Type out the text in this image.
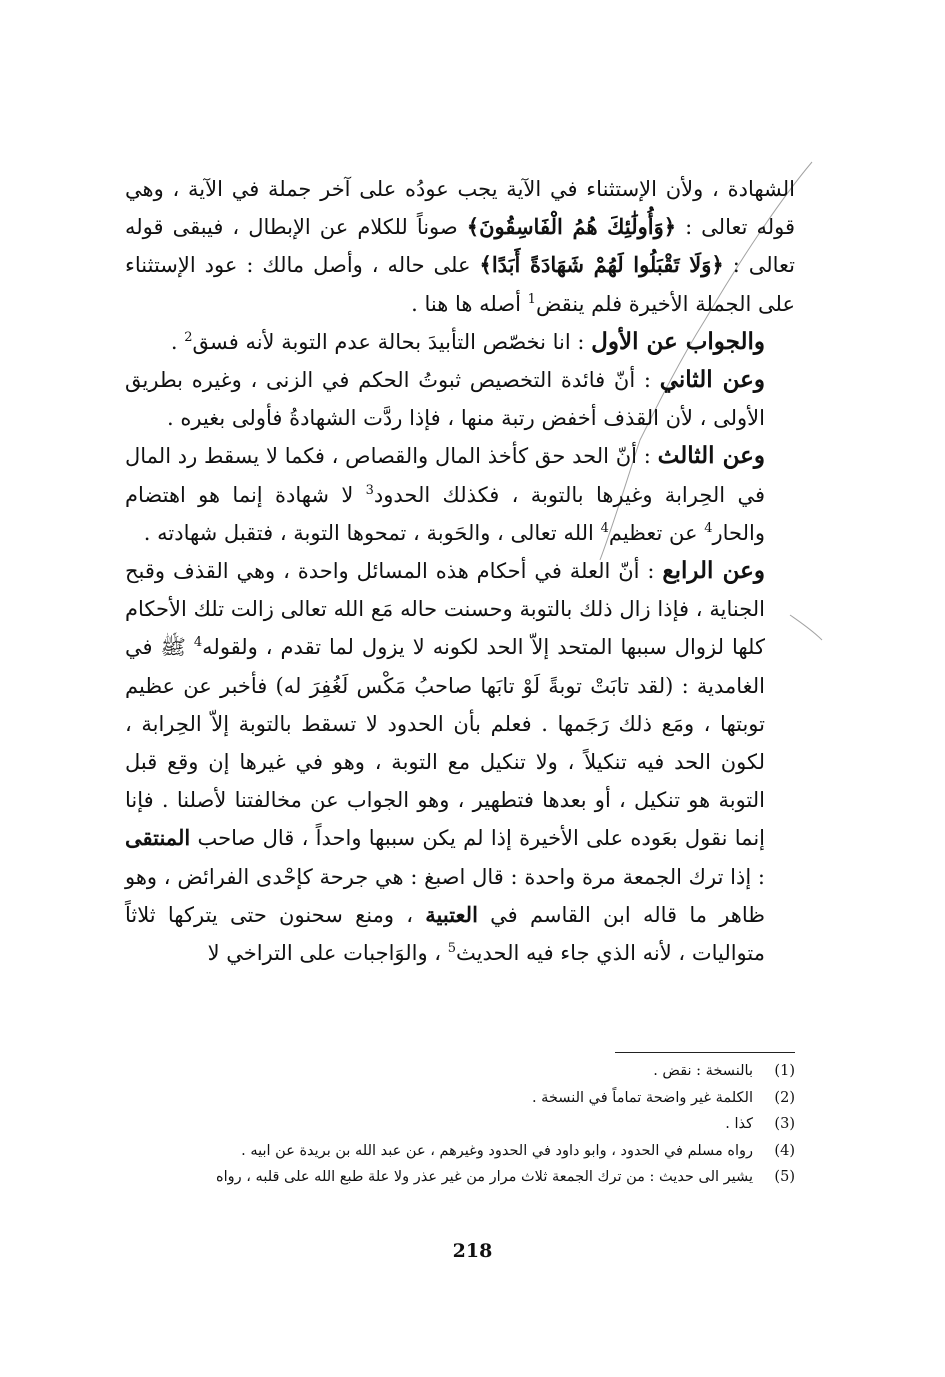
الشهادة ، ولأن الإستثناء في الآية يجب عودُه على آخر جملة في الآية ، وهي قوله تعالى : ﴿وَأُولَٰئِكَ هُمُ الْفَاسِقُونَ﴾ صوناً للكلام عن الإبطال ، فيبقى قوله تعالى : ﴿وَلَا تَقْبَلُوا لَهُمْ شَهَادَةً أَبَدًا﴾ على حاله ، وأصل مالك : عود الإستثناء على الجملة الأخيرة فلم ينقض$^1$ أصله ها هنا .

والجواب عن الأول : انا نخصّص التأبيدَ بحالة عدم التوبة لأنه فسق$^2$ .

وعن الثاني : أنّ فائدة التخصيص ثبوتُ الحكم في الزنى ، وغيره بطريق الأولى ، لأن القذف أخفض رتبة منها ، فإذا ردَّت الشهادةُ فأولى بغيره .

وعن الثالث : أنّ الحد حق كأخذ المال والقصاص ، فكما لا يسقط رد المال في الحِرابة وغيرها بالتوبة ، فكذلك الحدود$^3$ لا شهادة إنما هو اهتضام والحار$^4$ عن تعظيم$^4$ الله تعالى ، والحَوبة ، تمحوها التوبة ، فتقبل شهادته .

وعن الرابع : أنّ العلة في أحكام هذه المسائل واحدة ، وهي القذف وقبح الجناية ، فإذا زال ذلك بالتوبة وحسنت حاله مَع الله تعالى زالت تلك الأحكام كلها لزوال سببها المتحد إلاّ الحد لكونه لا يزول لما تقدم ، ولقوله$^4$ ﷺ في الغامدية : (لقد تابَتْ توبةً لَوْ تابَها صاحبُ مَكْس لَغُفِرَ له) فأخبر عن عظيم توبتها ، ومَع ذلك رَجَمها . فعلم بأن الحدود لا تسقط بالتوبة إلاّ الحِرابة ، لكون الحد فيه تنكيلاً ، ولا تنكيل مع التوبة ، وهو في غيرها إن وقع قبل التوبة هو تنكيل ، أو بعدها فتطهير ، وهو الجواب عن مخالفتنا لأصلنا . فإنا إنما نقول بعَوده على الأخيرة إذا لم يكن سببها واحداً ، قال صاحب المنتقى : إذا ترك الجمعة مرة واحدة : قال اصبغ : هي جرحة كإحْدى الفرائض ، وهو ظاهر ما قاله ابن القاسم في العتبية ، ومنع سحنون حتى يتركها ثلاثاً متواليات ، لأنه الذي جاء فيه الحديث$^5$ ، والوَاجبات على التراخي لا

(1)
بالنسخة : نقض .
(2)
الكلمة غير واضحة تماماً في النسخة .
(3)
كذا .
(4)
رواه مسلم في الحدود ، وابو داود في الحدود وغيرهم ، عن عبد الله بن بريدة عن ابيه .
(5)
يشير الى حديث : من ترك الجمعة ثلاث مرار من غير عذر ولا علة طبع الله على قلبه ، رواه
218
